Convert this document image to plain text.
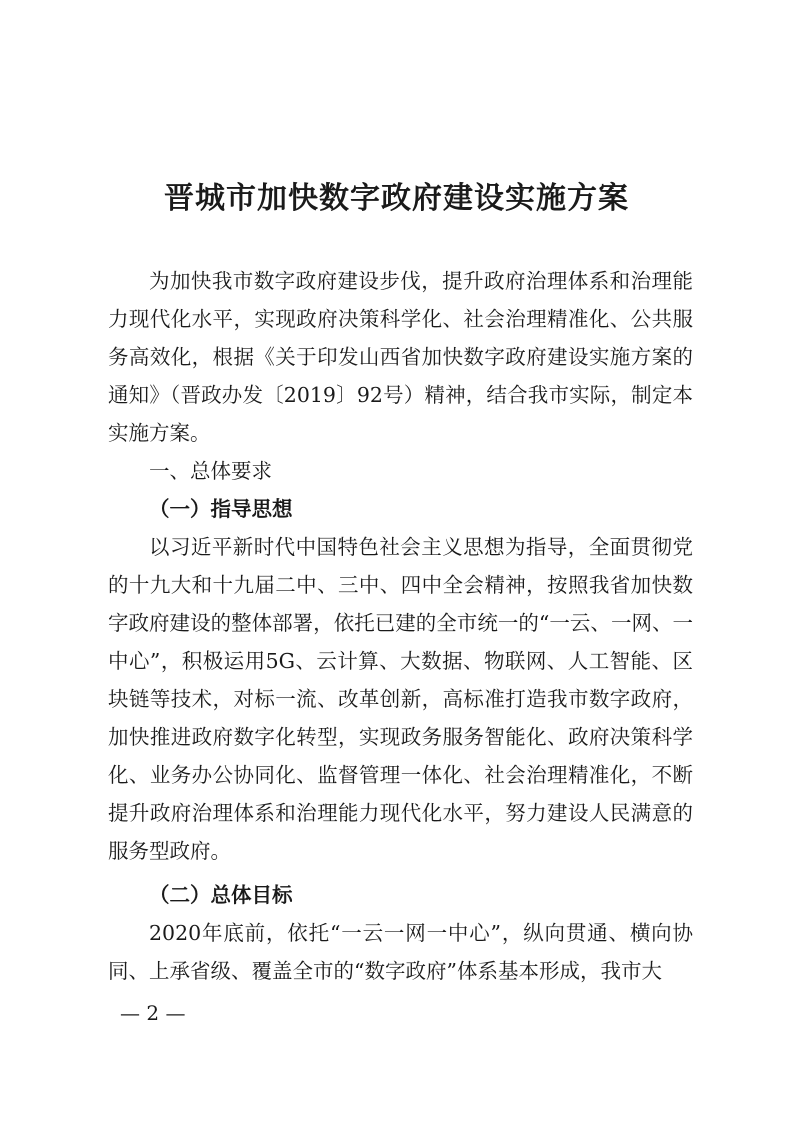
晋城市加快数字政府建设实施方案

为加快我市数字政府建设步伐，提升政府治理体系和治理能力现代化水平，实现政府决策科学化、社会治理精准化、公共服务高效化，根据《关于印发山西省加快数字政府建设实施方案的通知》（晋政办发〔2019〕92号）精神，结合我市实际，制定本实施方案。

一、总体要求
（一）指导思想

以习近平新时代中国特色社会主义思想为指导，全面贯彻党的十九大和十九届二中、三中、四中全会精神，按照我省加快数字政府建设的整体部署，依托已建的全市统一的“一云、一网、一中心”，积极运用5G、云计算、大数据、物联网、人工智能、区块链等技术，对标一流、改革创新，高标准打造我市数字政府，加快推进政府数字化转型，实现政务服务智能化、政府决策科学化、业务办公协同化、监督管理一体化、社会治理精准化，不断提升政府治理体系和治理能力现代化水平，努力建设人民满意的服务型政府。

（二）总体目标

2020年底前，依托“一云一网一中心”，纵向贯通、横向协同、上承省级、覆盖全市的“数字政府”体系基本形成，我市大

— 2 —
